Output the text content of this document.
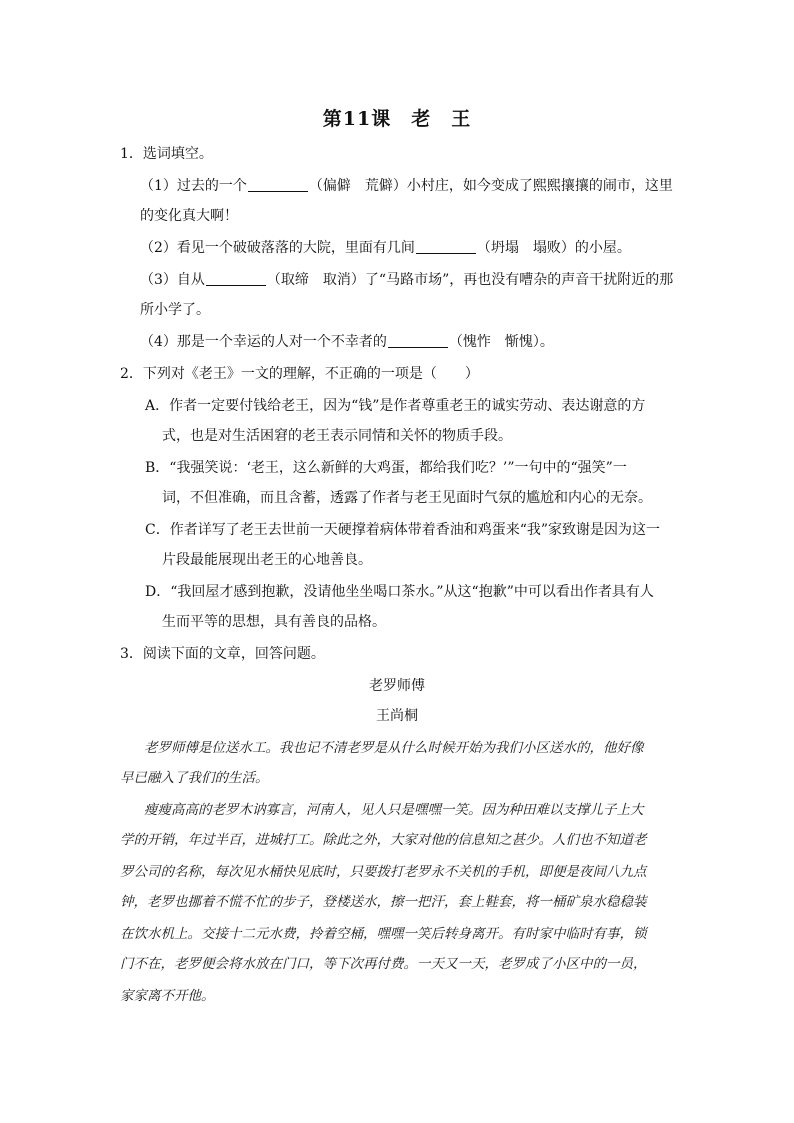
第11课　老　王
1．选词填空。
（1）过去的一个	（偏僻　荒僻）小村庄，如今变成了熙熙攘攘的闹市，这里
的变化真大啊！
（2）看见一个破破落落的大院，里面有几间	（坍塌　塌败）的小屋。
（3）自从	（取缔　取消）了“马路市场”，再也没有嘈杂的声音干扰附近的那
所小学了。
（4）那是一个幸运的人对一个不幸者的	（愧怍　惭愧）。
2．下列对《老王》一文的理解，不正确的一项是（　　）
A．作者一定要付钱给老王，因为“钱”是作者尊重老王的诚实劳动、表达谢意的方
式，也是对生活困窘的老王表示同情和关怀的物质手段。
B．“我强笑说：‘老王，这么新鲜的大鸡蛋，都给我们吃？’”一句中的“强笑”一
词，不但准确，而且含蓄，透露了作者与老王见面时气氛的尴尬和内心的无奈。
C．作者详写了老王去世前一天硬撑着病体带着香油和鸡蛋来“我”家致谢是因为这一
片段最能展现出老王的心地善良。
D．“我回屋才感到抱歉，没请他坐坐喝口茶水。”从这“抱歉”中可以看出作者具有人
生而平等的思想，具有善良的品格。
3．阅读下面的文章，回答问题。
老罗师傅
王尚桐
老罗师傅是位送水工。我也记不清老罗是从什么时候开始为我们小区送水的，他好像
早已融入了我们的生活。
瘦瘦高高的老罗木讷寡言，河南人，见人只是嘿嘿一笑。因为种田难以支撑儿子上大
学的开销，年过半百，进城打工。除此之外，大家对他的信息知之甚少。人们也不知道老
罗公司的名称，每次见水桶快见底时，只要拨打老罗永不关机的手机，即便是夜间八九点
钟，老罗也挪着不慌不忙的步子，登楼送水，擦一把汗，套上鞋套，将一桶矿泉水稳稳装
在饮水机上。交接十二元水费，拎着空桶，嘿嘿一笑后转身离开。有时家中临时有事，锁
门不在，老罗便会将水放在门口，等下次再付费。一天又一天，老罗成了小区中的一员，
家家离不开他。
